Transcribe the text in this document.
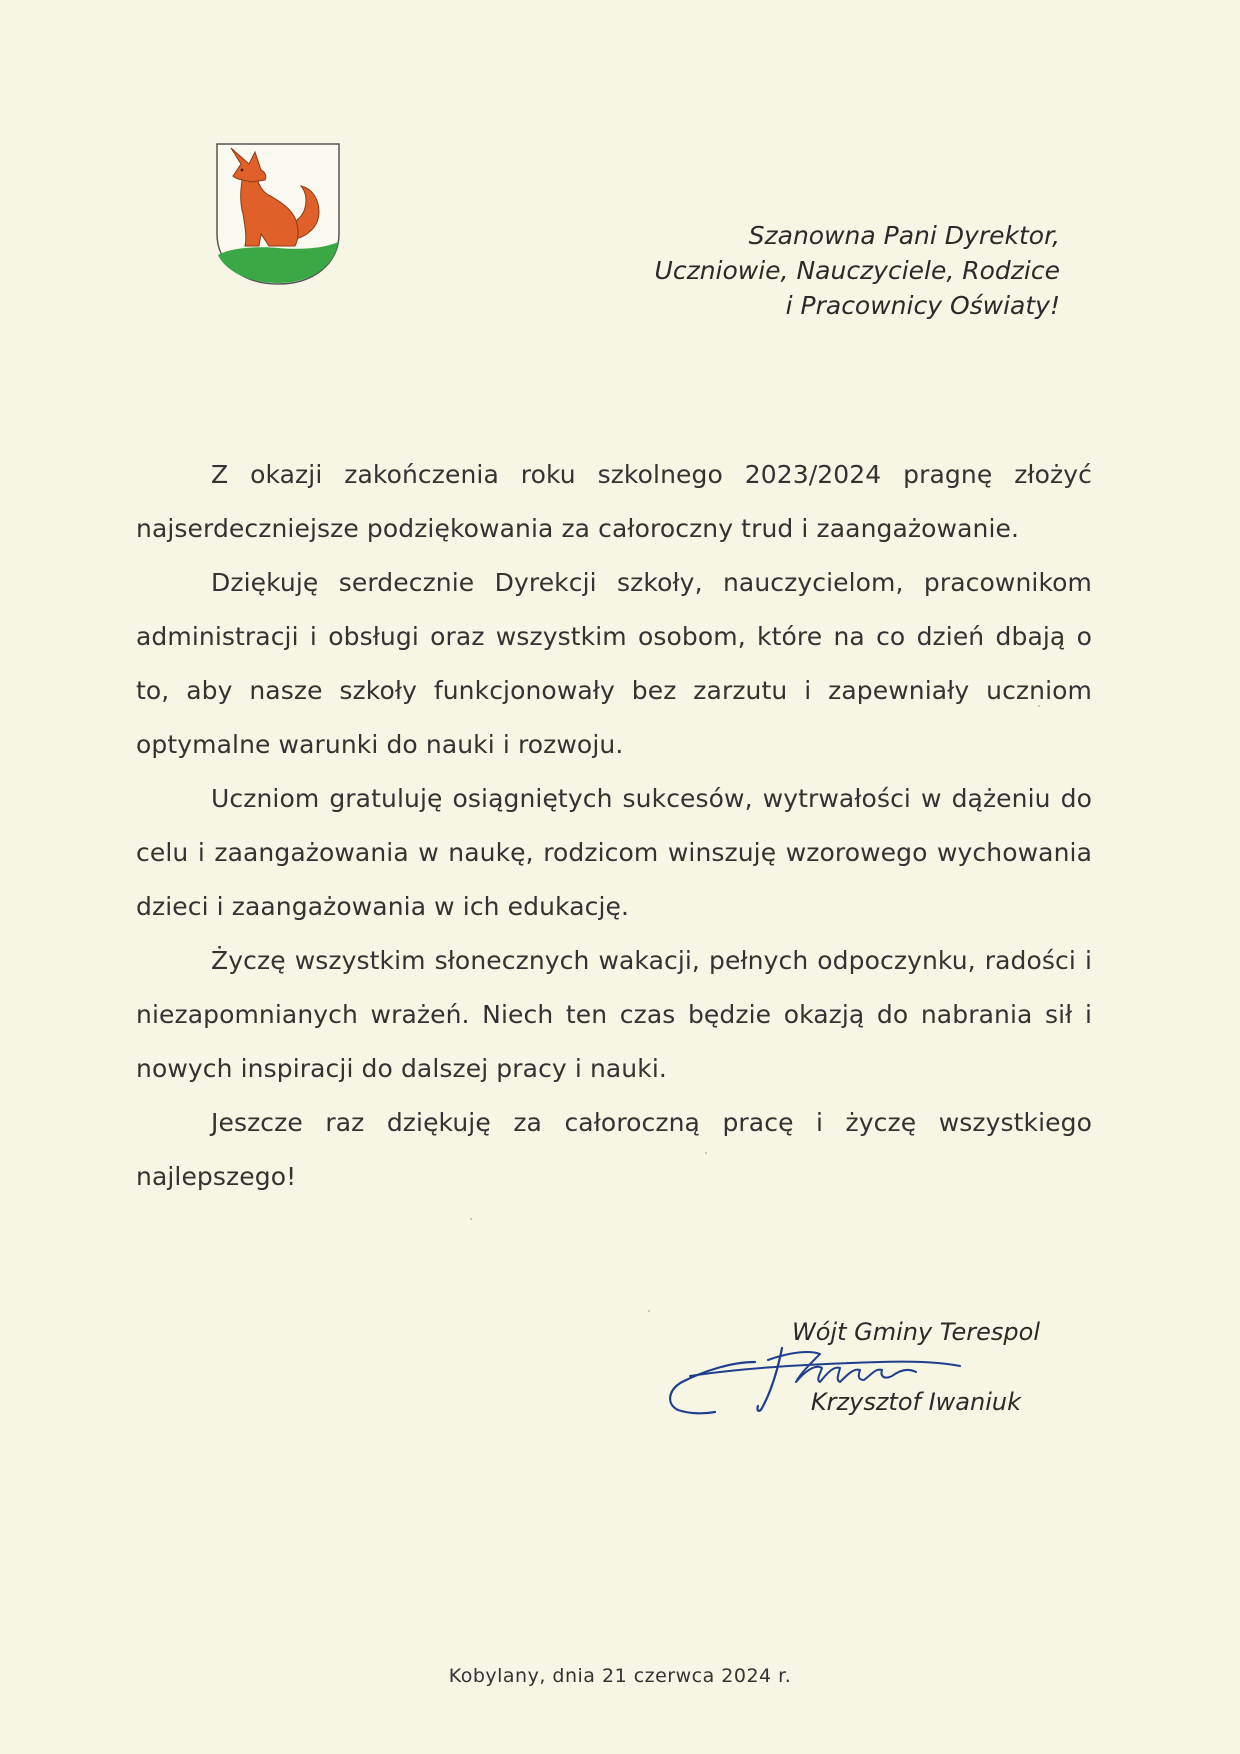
Szanowna Pani Dyrektor,
Uczniowie, Nauczyciele, Rodzice
i Pracownicy Oświaty!

Z okazji zakończenia roku szkolnego 2023/2024 pragnę złożyć najserdeczniejsze podziękowania za całoroczny trud i zaangażowanie.

Dziękuję serdecznie Dyrekcji szkoły, nauczycielom, pracownikom administracji i obsługi oraz wszystkim osobom, które na co dzień dbają o to, aby nasze szkoły funkcjonowały bez zarzutu i zapewniały uczniom optymalne warunki do nauki i rozwoju.

Uczniom gratuluję osiągniętych sukcesów, wytrwałości w dążeniu do celu i zaangażowania w naukę, rodzicom winszuję wzorowego wychowania dzieci i zaangażowania w ich edukację.

Życzę wszystkim słonecznych wakacji, pełnych odpoczynku, radości i niezapomnianych wrażeń. Niech ten czas będzie okazją do nabrania sił i nowych inspiracji do dalszej pracy i nauki.

Jeszcze raz dziękuję za całoroczną pracę i życzę wszystkiego najlepszego!

Wójt Gminy Terespol
Krzysztof Iwaniuk
Kobylany, dnia 21 czerwca 2024 r.
